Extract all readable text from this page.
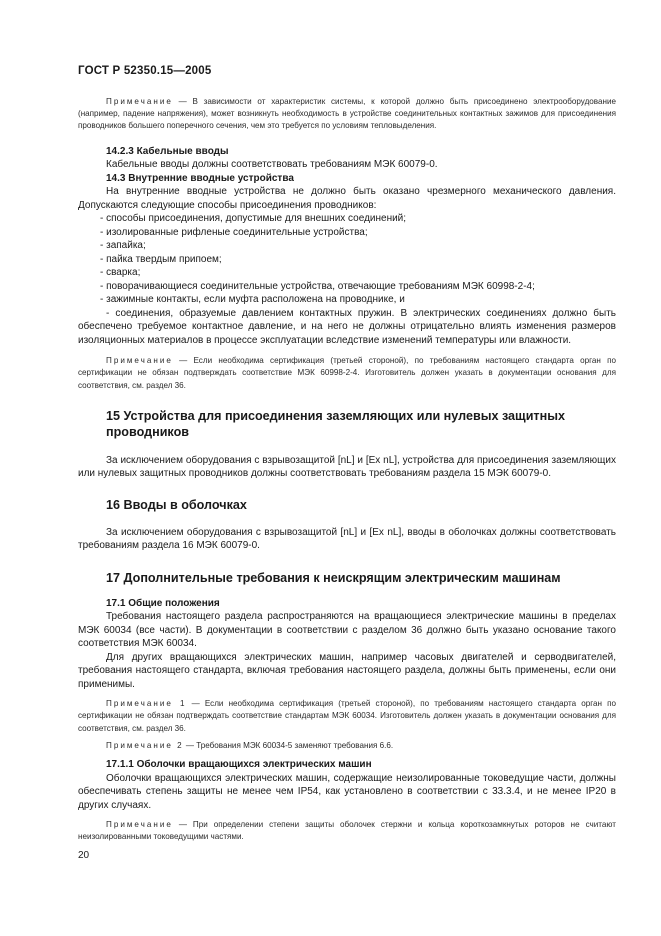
ГОСТ Р 52350.15—2005

Примечание — В зависимости от характеристик системы, к которой должно быть присоединено электрооборудование (например, падение напряжения), может возникнуть необходимость в устройстве соединительных контактных зажимов для присоединения проводников большего поперечного сечения, чем это требуется по условиям тепловыделения.

14.2.3 Кабельные вводы

Кабельные вводы должны соответствовать требованиям МЭК 60079-0.

14.3 Внутренние вводные устройства

На внутренние вводные устройства не должно быть оказано чрезмерного механического давления. Допускаются следующие способы присоединения проводников:

- способы присоединения, допустимые для внешних соединений;

- изолированные рифленые соединительные устройства;

- запайка;

- пайка твердым припоем;

- сварка;

- поворачивающиеся соединительные устройства, отвечающие требованиям МЭК 60998-2-4;

- зажимные контакты, если муфта расположена на проводнике, и

- соединения, образуемые давлением контактных пружин. В электрических соединениях должно быть обеспечено требуемое контактное давление, и на него не должны отрицательно влиять изменения размеров изоляционных материалов в процессе эксплуатации вследствие изменений температуры или влажности.

Примечание — Если необходима сертификация (третьей стороной), по требованиям настоящего стандарта орган по сертификации не обязан подтверждать соответствие МЭК 60998-2-4. Изготовитель должен указать в документации основания для соответствия, см. раздел 36.

15 Устройства для присоединения заземляющих или нулевых защитных проводников

За исключением оборудования с взрывозащитой [nL] и [Ex nL], устройства для присоединения заземляющих или нулевых защитных проводников должны соответствовать требованиям раздела 15 МЭК 60079-0.

16 Вводы в оболочках

За исключением оборудования с взрывозащитой [nL] и [Ex nL], вводы в оболочках должны соответствовать требованиям раздела 16 МЭК 60079-0.

17 Дополнительные требования к неискрящим электрическим машинам

17.1 Общие положения

Требования настоящего раздела распространяются на вращающиеся электрические машины в пределах МЭК 60034 (все части). В документации в соответствии с разделом 36 должно быть указано основание такого соответствия МЭК 60034.

Для других вращающихся электрических машин, например часовых двигателей и серводвигателей, требования настоящего стандарта, включая требования настоящего раздела, должны быть применены, если они применимы.

Примечание 1 — Если необходима сертификация (третьей стороной), по требованиям настоящего стандарта орган по сертификации не обязан подтверждать соответствие стандартам МЭК 60034. Изготовитель должен указать в документации основания для соответствия, см. раздел 36.

Примечание 2 — Требования МЭК 60034-5 заменяют требования 6.6.

17.1.1 Оболочки вращающихся электрических машин

Оболочки вращающихся электрических машин, содержащие неизолированные токоведущие части, должны обеспечивать степень защиты не менее чем IP54, как установлено в соответствии с 33.3.4, и не менее IP20 в других случаях.

Примечание — При определении степени защиты оболочек стержни и кольца короткозамкнутых роторов не считают неизолированными токоведущими частями.

20
